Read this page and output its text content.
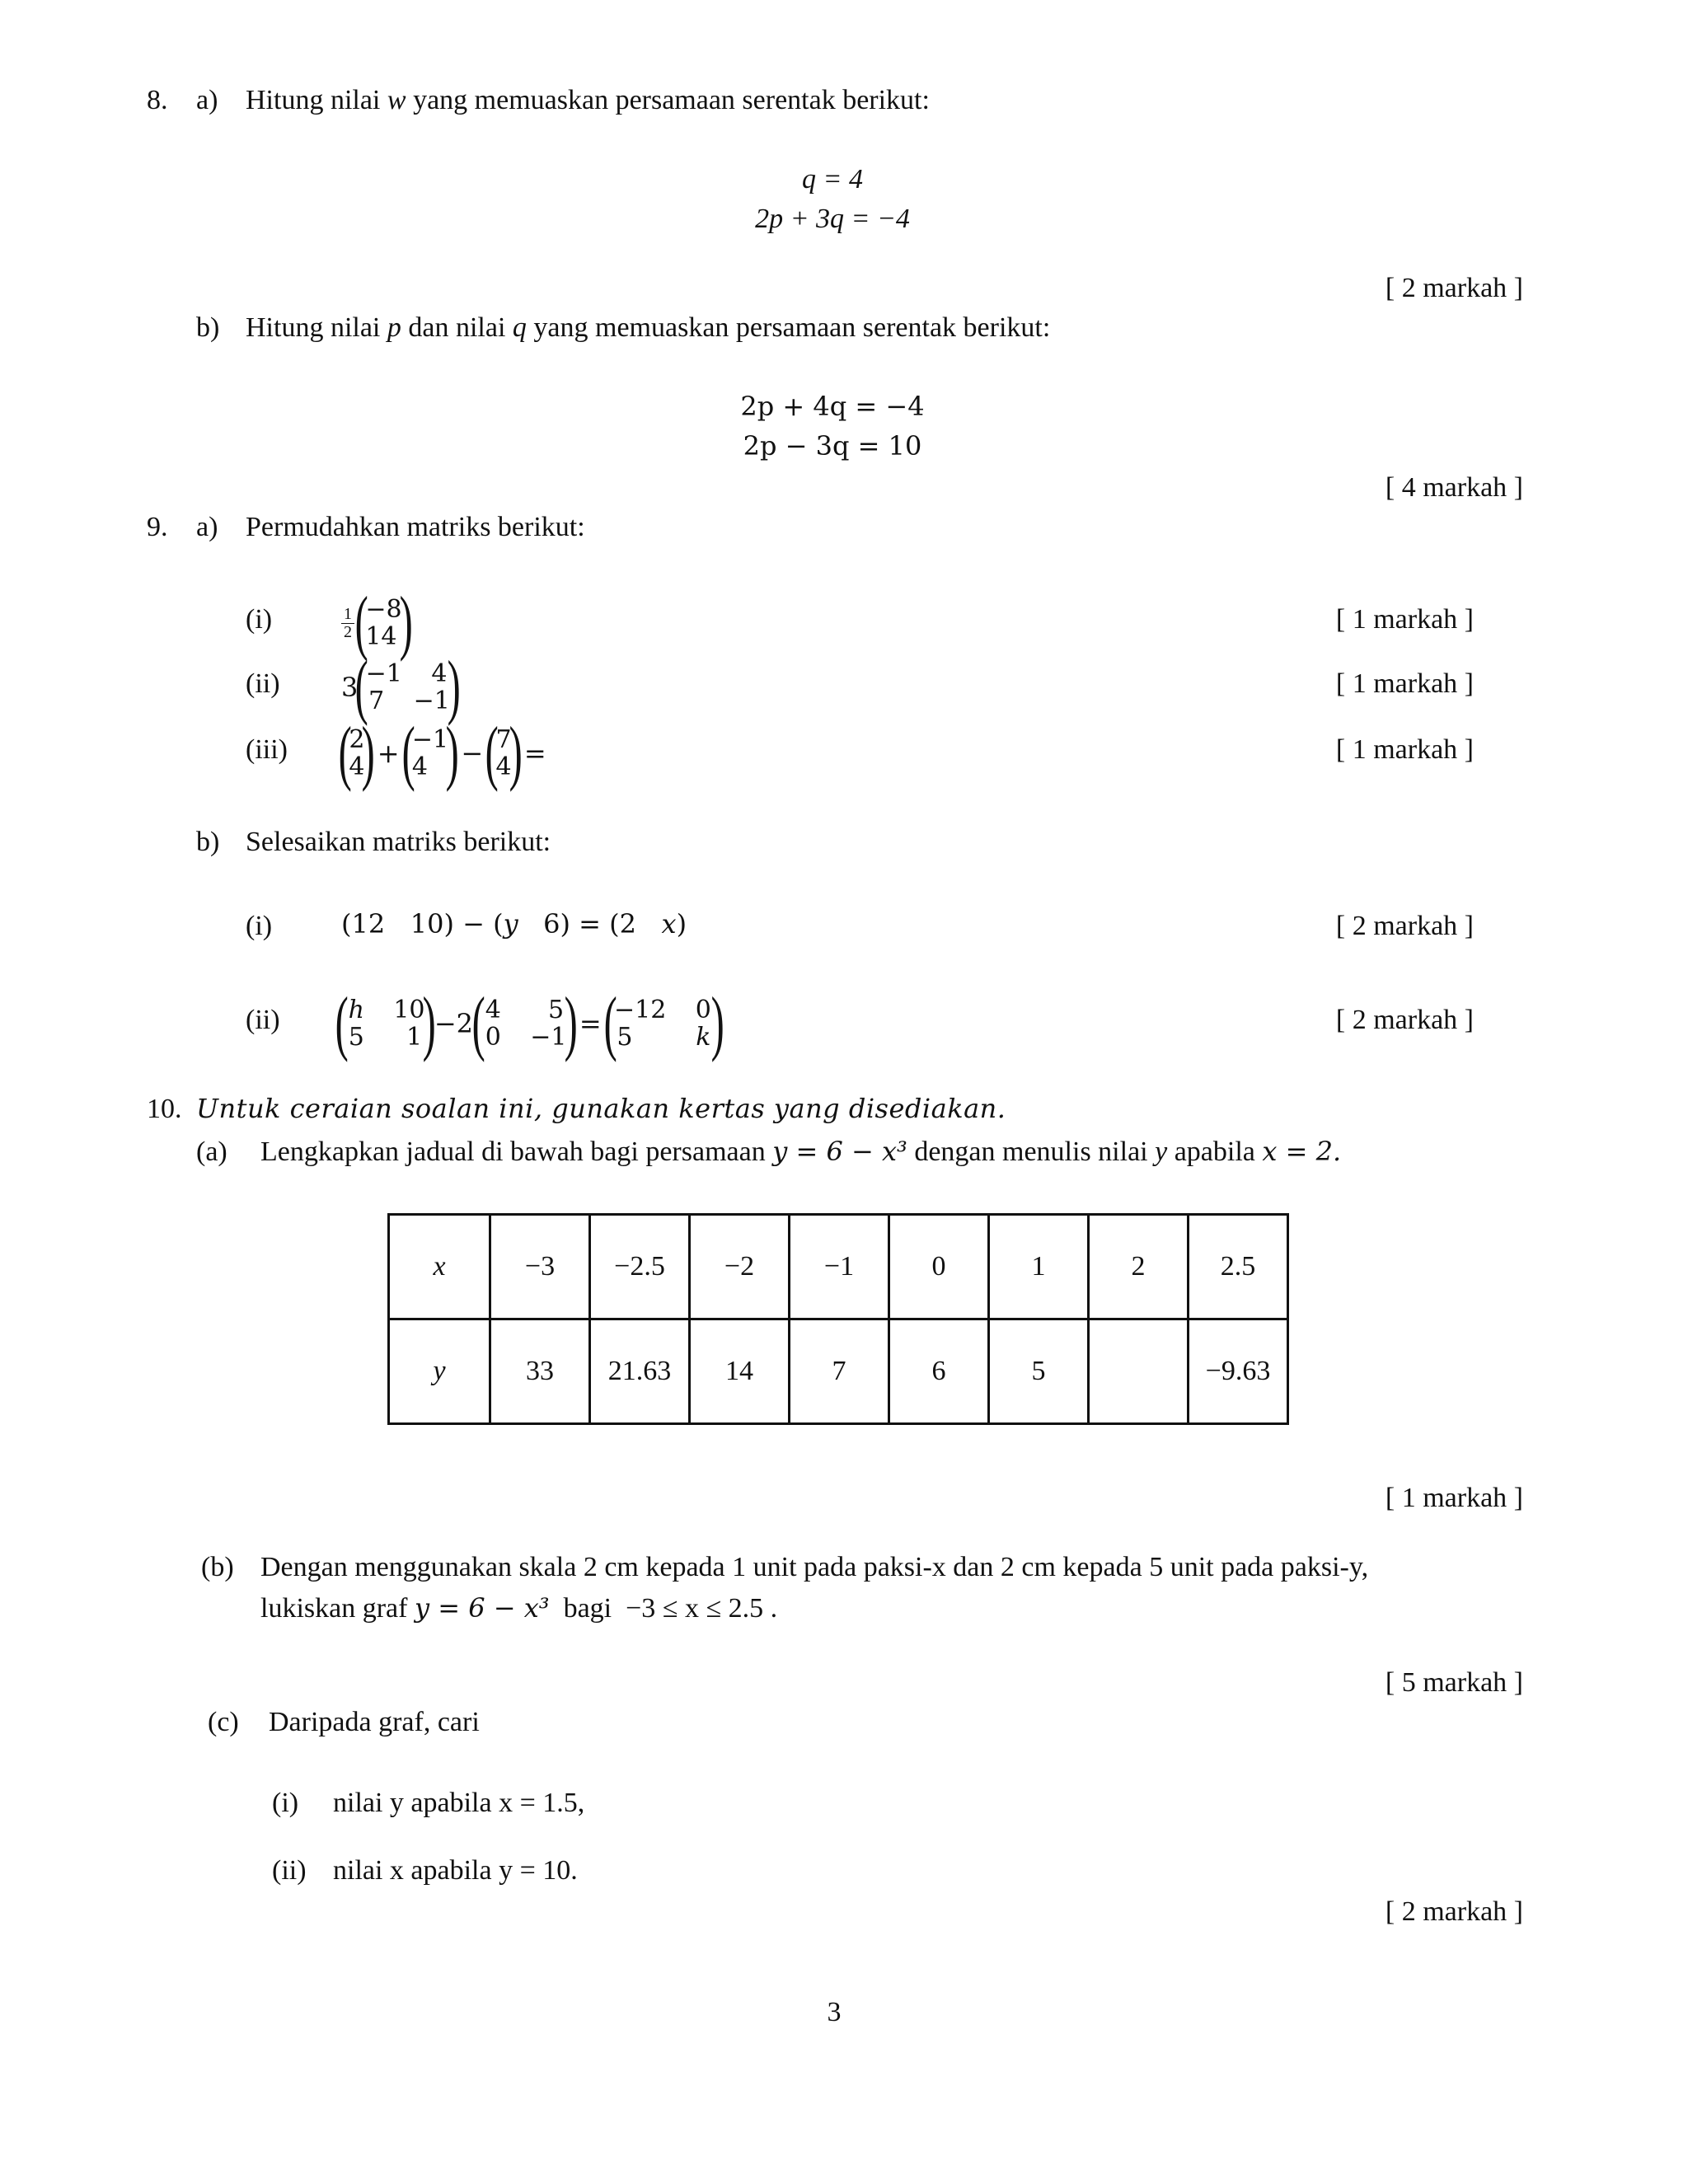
8. a) Hitung nilai w yang memuaskan persamaan serentak berikut:
q = 4
2p + 3q = −4
[ 2 markah ]
b) Hitung nilai p dan nilai q yang memuaskan persamaan serentak berikut:
2p + 4q = −4
2p − 3q = 10
[ 4 markah ]
9. a) Permudahkan matriks berikut:
(i)	$\frac{1}{2}$ (
−8
14 )	[ 1 markah ]
(ii) 3
(
−1 4
7 −1
)	[ 1 markah ]
(iii) (
2
4
) + (
−1
4 ) − (
7
4
) =	[ 1 markah ]
b) Selesaikan matriks berikut:
(i)	(12 10) − (y 6) = (2 x)	[ 2 markah ]
(ii) ( h 10
5 1 )
−2
( 4 5
0 −1
) = (
−12 0
5	k )	[ 2 markah ]
10. Untuk ceraian soalan ini, gunakan kertas yang disediakan.
(a) Lengkapkan jadual di bawah bagi persamaan y = 6 − x³ dengan menulis nilai y apabila x = 2.
x	−3	−2.5	−2	−1	0	1	2	2.5
y	33	21.63	14	7	6	5		−9.63
[ 1 markah ]
(b) Dengan menggunakan skala 2 cm kepada 1 unit pada paksi-x dan 2 cm kepada 5 unit pada paksi-y,
lukiskan graf y = 6 − x³  bagi  −3 ≤ x ≤ 2.5 .
[ 5 markah ]
(c) Daripada graf, cari
(i) nilai y apabila x = 1.5,
(ii) nilai x apabila y = 10.
[ 2 markah ]
3
